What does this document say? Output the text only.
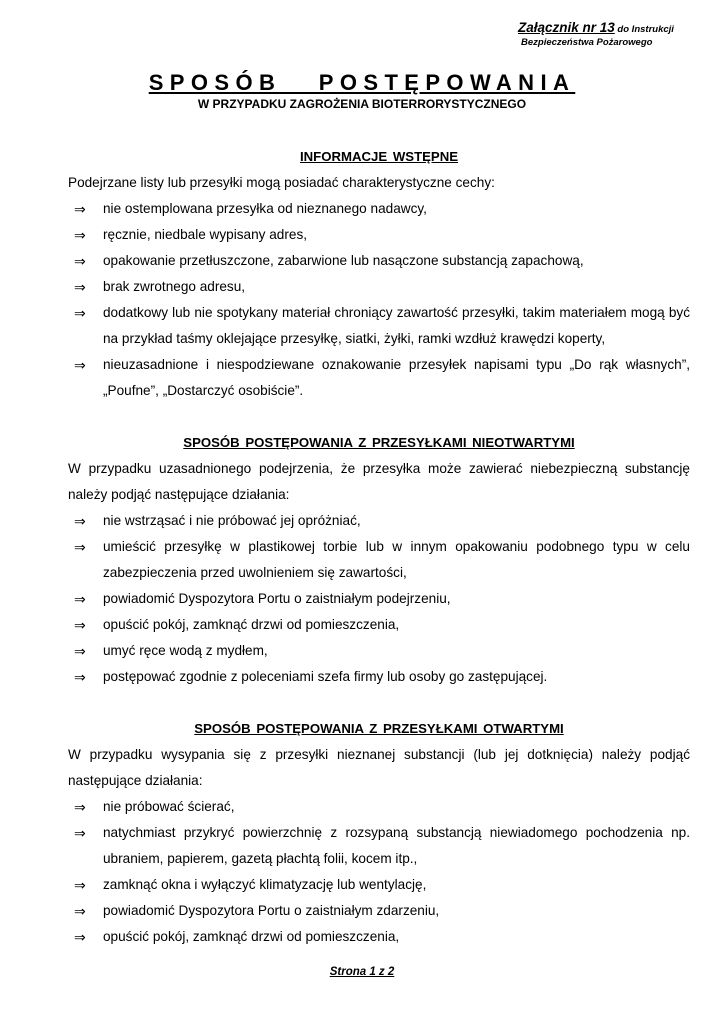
Załącznik nr 13 do Instrukcji
Bezpieczeństwa Pożarowego
SPOSÓB   POSTĘPOWANIA
W PRZYPADKU ZAGROŻENIA BIOTERRORYSTYCZNEGO
INFORMACJE WSTĘPNE
Podejrzane listy lub przesyłki mogą posiadać charakterystyczne cechy:
⇒ nie ostemplowana przesyłka od nieznanego nadawcy,
⇒ ręcznie, niedbale wypisany adres,
⇒ opakowanie przetłuszczone, zabarwione lub nasączone substancją zapachową,
⇒ brak zwrotnego adresu,
⇒ dodatkowy lub nie spotykany materiał chroniący zawartość przesyłki, takim materiałem mogą być na przykład taśmy oklejające przesyłkę, siatki, żyłki, ramki wzdłuż krawędzi koperty,
⇒ nieuzasadnione i niespodziewane oznakowanie przesyłek napisami typu „Do rąk własnych”, „Poufne”, „Dostarczyć osobiście”.
SPOSÓB POSTĘPOWANIA Z PRZESYŁKAMI NIEOTWARTYMI
W przypadku uzasadnionego podejrzenia, że przesyłka może zawierać niebezpieczną substancję należy podjąć następujące działania:
⇒ nie wstrząsać i nie próbować jej opróżniać,
⇒ umieścić przesyłkę w plastikowej torbie lub w innym opakowaniu podobnego typu w celu zabezpieczenia przed uwolnieniem się zawartości,
⇒ powiadomić Dyspozytora Portu o zaistniałym podejrzeniu,
⇒ opuścić pokój, zamknąć drzwi od pomieszczenia,
⇒ umyć ręce wodą z mydłem,
⇒ postępować zgodnie z poleceniami szefa firmy lub osoby go zastępującej.
SPOSÓB POSTĘPOWANIA Z PRZESYŁKAMI OTWARTYMI
W przypadku wysypania się z przesyłki nieznanej substancji (lub jej dotknięcia) należy podjąć następujące działania:
⇒ nie próbować ścierać,
⇒ natychmiast przykryć powierzchnię z rozsypaną substancją niewiadomego pochodzenia np. ubraniem, papierem, gazetą płachtą folii, kocem itp.,
⇒ zamknąć okna i wyłączyć klimatyzację lub wentylację,
⇒ powiadomić Dyspozytora Portu o zaistniałym zdarzeniu,
⇒ opuścić pokój, zamknąć drzwi od pomieszczenia,
Strona 1 z 2
